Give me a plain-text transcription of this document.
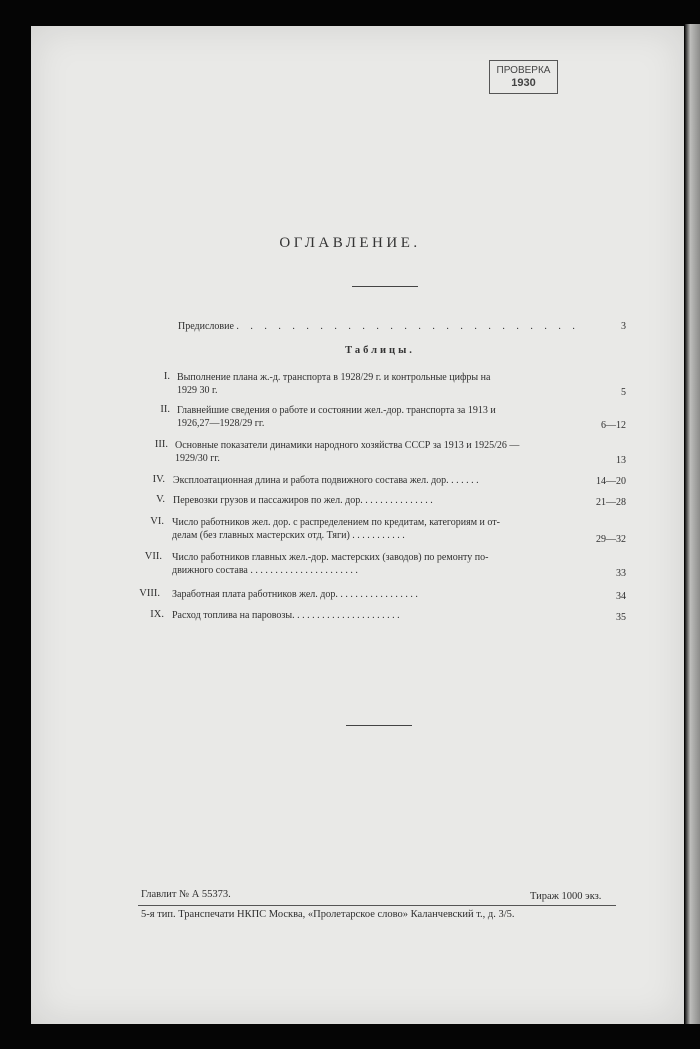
ПРОВЕРКА
1930
ОГЛАВЛЕНИЕ.
Предисловие . . . . . . . . . . . . . . . . . . . . . . . . .	3
Таблицы.
I. Выполнение плана ж.-д. транспорта в 1928/29 г. и контрольные цифры на
1929 30 г.	5
II. Главнейшие сведения о работе и состоянии жел.-дор. транспорта за 1913 и
1926,27—1928/29 гг.	6—12
III. Основные показатели динамики народного хозяйства СССР за 1913 и 1925/26 —
1929/30 гг.	13
IV. Эксплоатационная длина и работа подвижного состава жел. дор. . . . . . .	14—20
V. Перевозки грузов и пассажиров по жел. дор. . . . . . . . . . . . . . .	21—28
VI. Число работников жел. дор. с распределением по кредитам, категориям и от-
делам (без главных мастерских отд. Тяги) . . . . . . . . . . .	29—32
VII. Число работников главных жел.-дор. мастерских (заводов) по ремонту по-
движного состава . . . . . . . . . . . . . . . . . . . . . .	33
VIII. Заработная плата работников жел. дор. . . . . . . . . . . . . . . . .	34
IX. Расход топлива на паровозы. . . . . . . . . . . . . . . . . . . . . .	35
Главлит № А 55373.	Тираж 1000 экз.
5-я тип. Транспечати НКПС Москва, «Пролетарское слово» Каланчевский т., д. 3/5.
